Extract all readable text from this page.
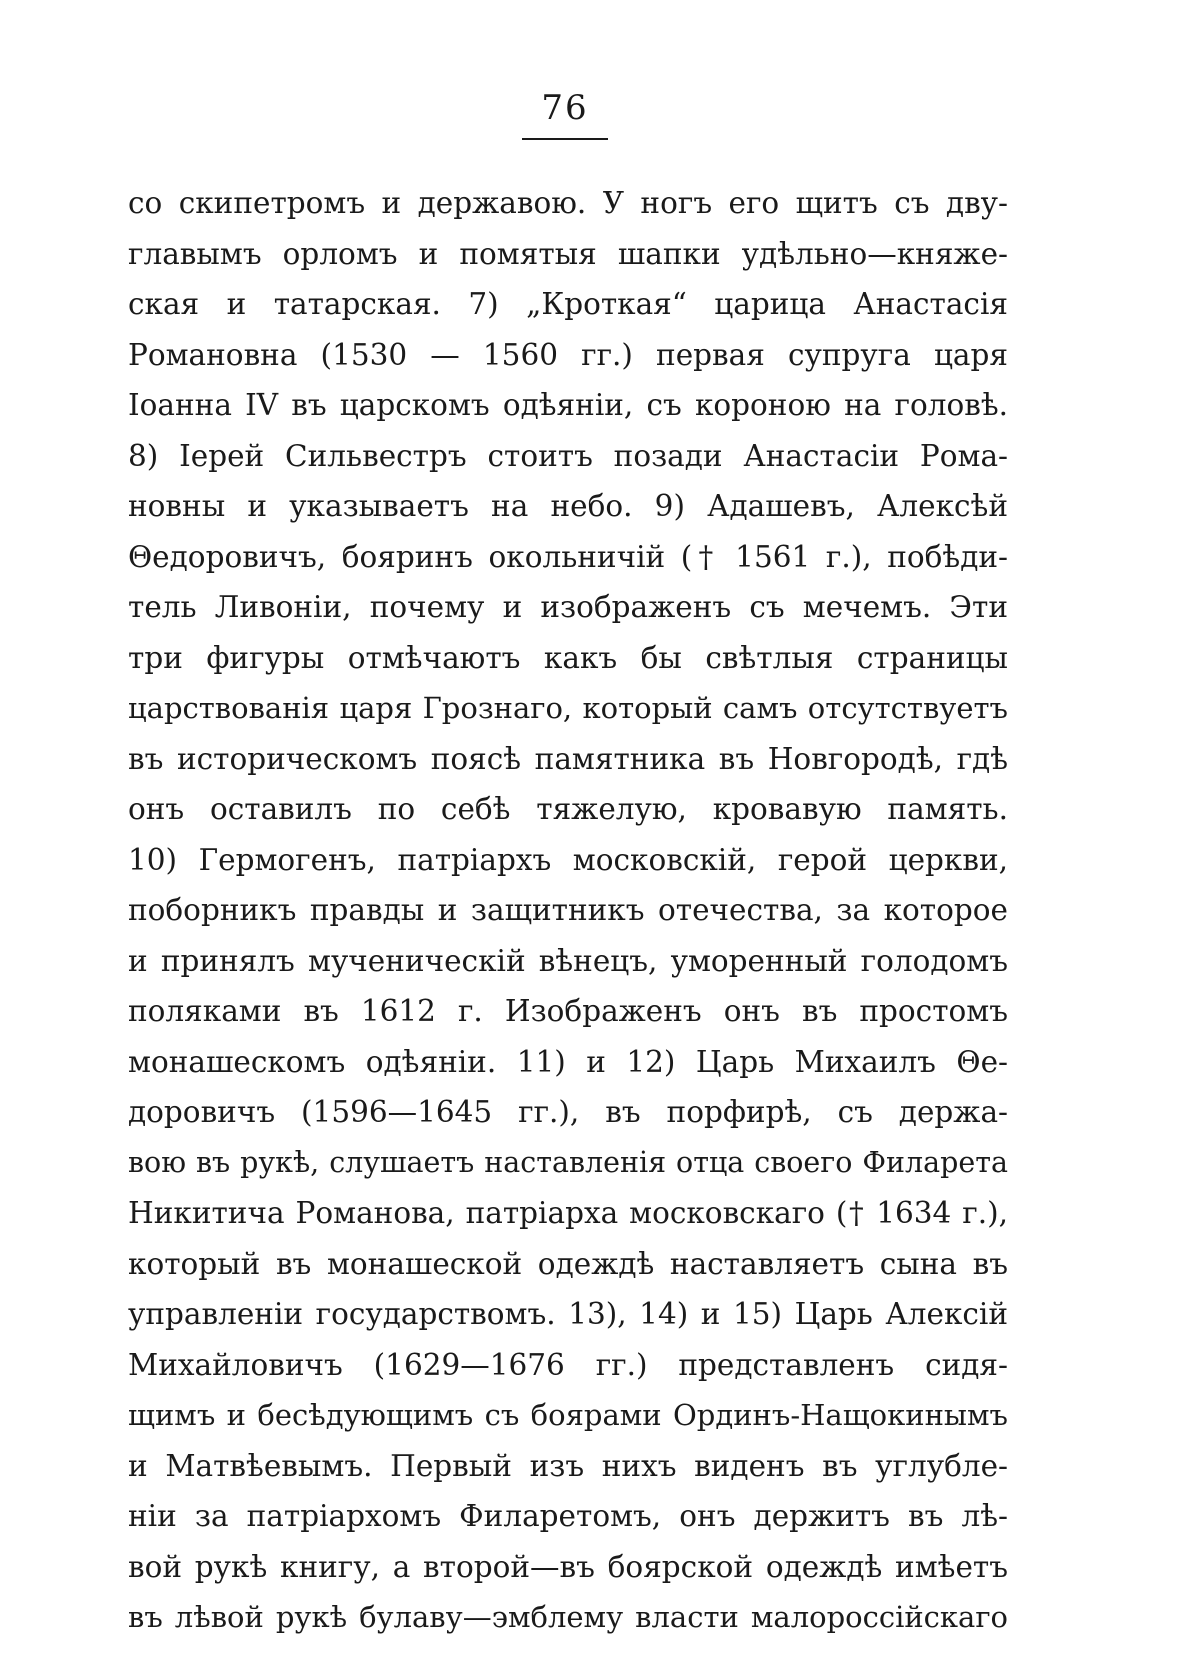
76
со скипетромъ и державою. У ногъ его щитъ съ дву-
главымъ орломъ и помятыя шапки удѣльно—княже-
ская и татарская. 7) „Кроткая“ царица Анастасія
Романовна (1530 — 1560 гг.) первая супруга царя
Іоанна IV въ царскомъ одѣяніи, съ короною на головѣ.
8) Іерей Сильвестръ стоитъ позади Анастасіи Рома-
новны и указываетъ на небо. 9) Адашевъ, Алексѣй
Θедоровичъ, бояринъ окольничій († 1561 г.), побѣди-
тель Ливоніи, почему и изображенъ съ мечемъ. Эти
три фигуры отмѣчаютъ какъ бы свѣтлыя страницы
царствованія царя Грознаго, который самъ отсутствуетъ
въ историческомъ поясѣ памятника въ Новгородѣ, гдѣ
онъ оставилъ по себѣ тяжелую, кровавую память.
10) Гермогенъ, патріархъ московскій, герой церкви,
поборникъ правды и защитникъ отечества, за которое
и принялъ мученическій вѣнецъ, уморенный голодомъ
поляками въ 1612 г. Изображенъ онъ въ простомъ
монашескомъ одѣяніи. 11) и 12) Царь Михаилъ Θе-
доровичъ (1596—1645 гг.), въ порфирѣ, съ держа-
вою въ рукѣ, слушаетъ наставленія отца своего Филарета
Никитича Романова, патріарха московскаго († 1634 г.),
который въ монашеской одеждѣ наставляетъ сына въ
управленіи государствомъ. 13), 14) и 15) Царь Алексій
Михайловичъ (1629—1676 гг.) представленъ сидя-
щимъ и бесѣдующимъ съ боярами Ординъ-Нащокинымъ
и Матвѣевымъ. Первый изъ нихъ виденъ въ углубле-
ніи за патріархомъ Филаретомъ, онъ держитъ въ лѣ-
вой рукѣ книгу, а второй—въ боярской одеждѣ имѣетъ
въ лѣвой рукѣ булаву—эмблему власти малороссійскаго
